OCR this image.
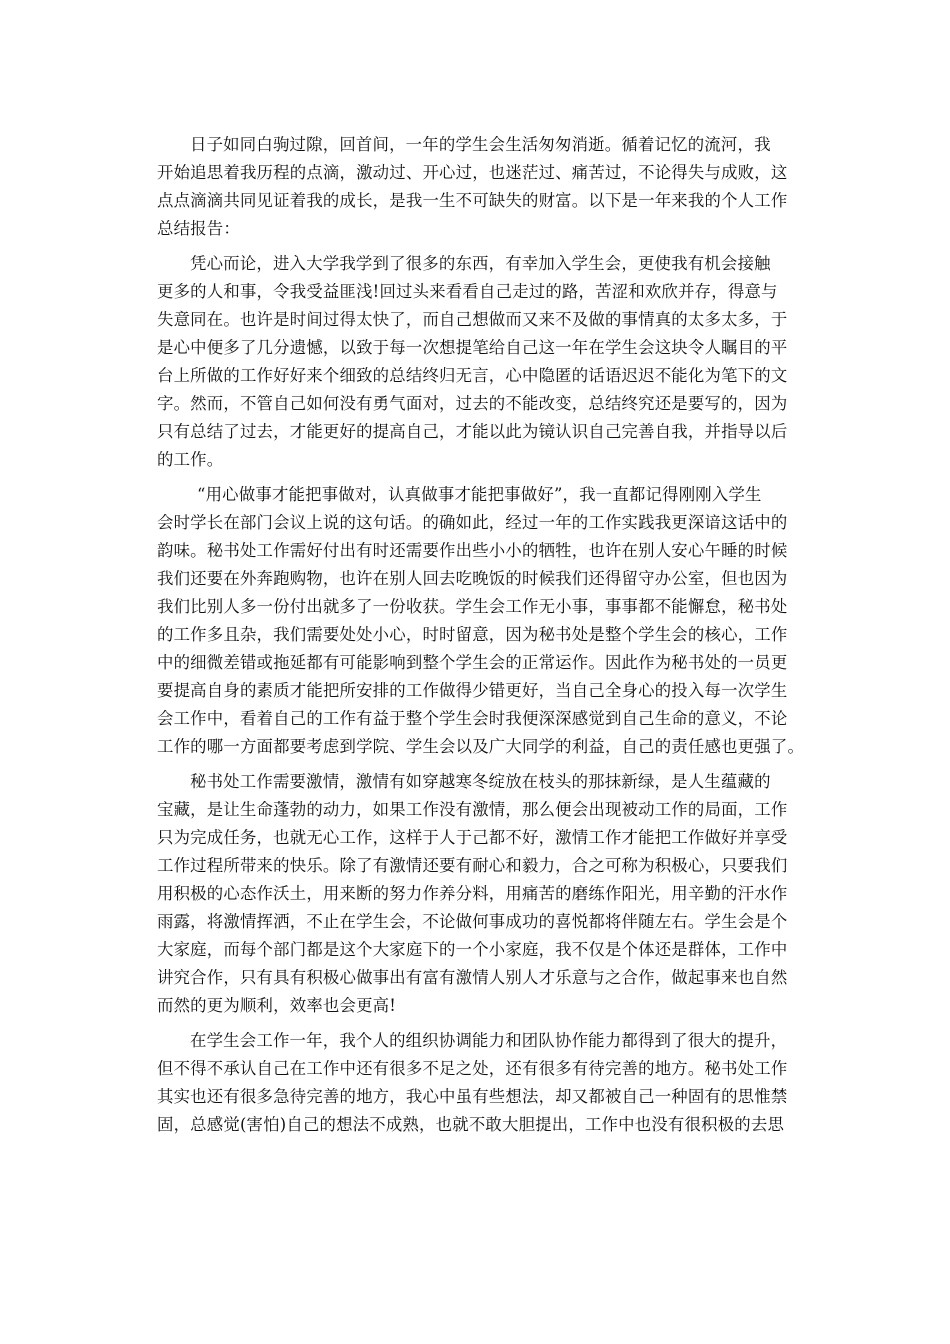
日子如同白驹过隙，回首间，一年的学生会生活匆匆消逝。循着记忆的流河，我
开始追思着我历程的点滴，激动过、开心过，也迷茫过、痛苦过，不论得失与成败，这
点点滴滴共同见证着我的成长，是我一生不可缺失的财富。以下是一年来我的个人工作
总结报告：
凭心而论，进入大学我学到了很多的东西，有幸加入学生会，更使我有机会接触
更多的人和事，令我受益匪浅!回过头来看看自己走过的路，苦涩和欢欣并存，得意与
失意同在。也许是时间过得太快了，而自己想做而又来不及做的事情真的太多太多，于
是心中便多了几分遗憾，以致于每一次想提笔给自己这一年在学生会这块令人瞩目的平
台上所做的工作好好来个细致的总结终归无言，心中隐匿的话语迟迟不能化为笔下的文
字。然而，不管自己如何没有勇气面对，过去的不能改变，总结终究还是要写的，因为
只有总结了过去，才能更好的提高自己，才能以此为镜认识自己完善自我，并指导以后
的工作。
“用心做事才能把事做对，认真做事才能把事做好”，我一直都记得刚刚入学生
会时学长在部门会议上说的这句话。的确如此，经过一年的工作实践我更深谙这话中的
韵味。秘书处工作需好付出有时还需要作出些小小的牺牲，也许在别人安心午睡的时候
我们还要在外奔跑购物，也许在别人回去吃晚饭的时候我们还得留守办公室，但也因为
我们比别人多一份付出就多了一份收获。学生会工作无小事，事事都不能懈怠，秘书处
的工作多且杂，我们需要处处小心，时时留意，因为秘书处是整个学生会的核心，工作
中的细微差错或拖延都有可能影响到整个学生会的正常运作。因此作为秘书处的一员更
要提高自身的素质才能把所安排的工作做得少错更好，当自己全身心的投入每一次学生
会工作中，看着自己的工作有益于整个学生会时我便深深感觉到自己生命的意义，不论
工作的哪一方面都要考虑到学院、学生会以及广大同学的利益，自己的责任感也更强了。
秘书处工作需要激情，激情有如穿越寒冬绽放在枝头的那抹新绿，是人生蕴藏的
宝藏，是让生命蓬勃的动力，如果工作没有激情，那么便会出现被动工作的局面，工作
只为完成任务，也就无心工作，这样于人于己都不好，激情工作才能把工作做好并享受
工作过程所带来的快乐。除了有激情还要有耐心和毅力，合之可称为积极心，只要我们
用积极的心态作沃土，用来断的努力作养分料，用痛苦的磨练作阳光，用辛勤的汗水作
雨露，将激情挥洒，不止在学生会，不论做何事成功的喜悦都将伴随左右。学生会是个
大家庭，而每个部门都是这个大家庭下的一个小家庭，我不仅是个体还是群体，工作中
讲究合作，只有具有积极心做事出有富有激情人别人才乐意与之合作，做起事来也自然
而然的更为顺利，效率也会更高!
在学生会工作一年，我个人的组织协调能力和团队协作能力都得到了很大的提升，
但不得不承认自己在工作中还有很多不足之处，还有很多有待完善的地方。秘书处工作
其实也还有很多急待完善的地方，我心中虽有些想法，却又都被自己一种固有的思惟禁
固，总感觉(害怕)自己的想法不成熟，也就不敢大胆提出，工作中也没有很积极的去思
